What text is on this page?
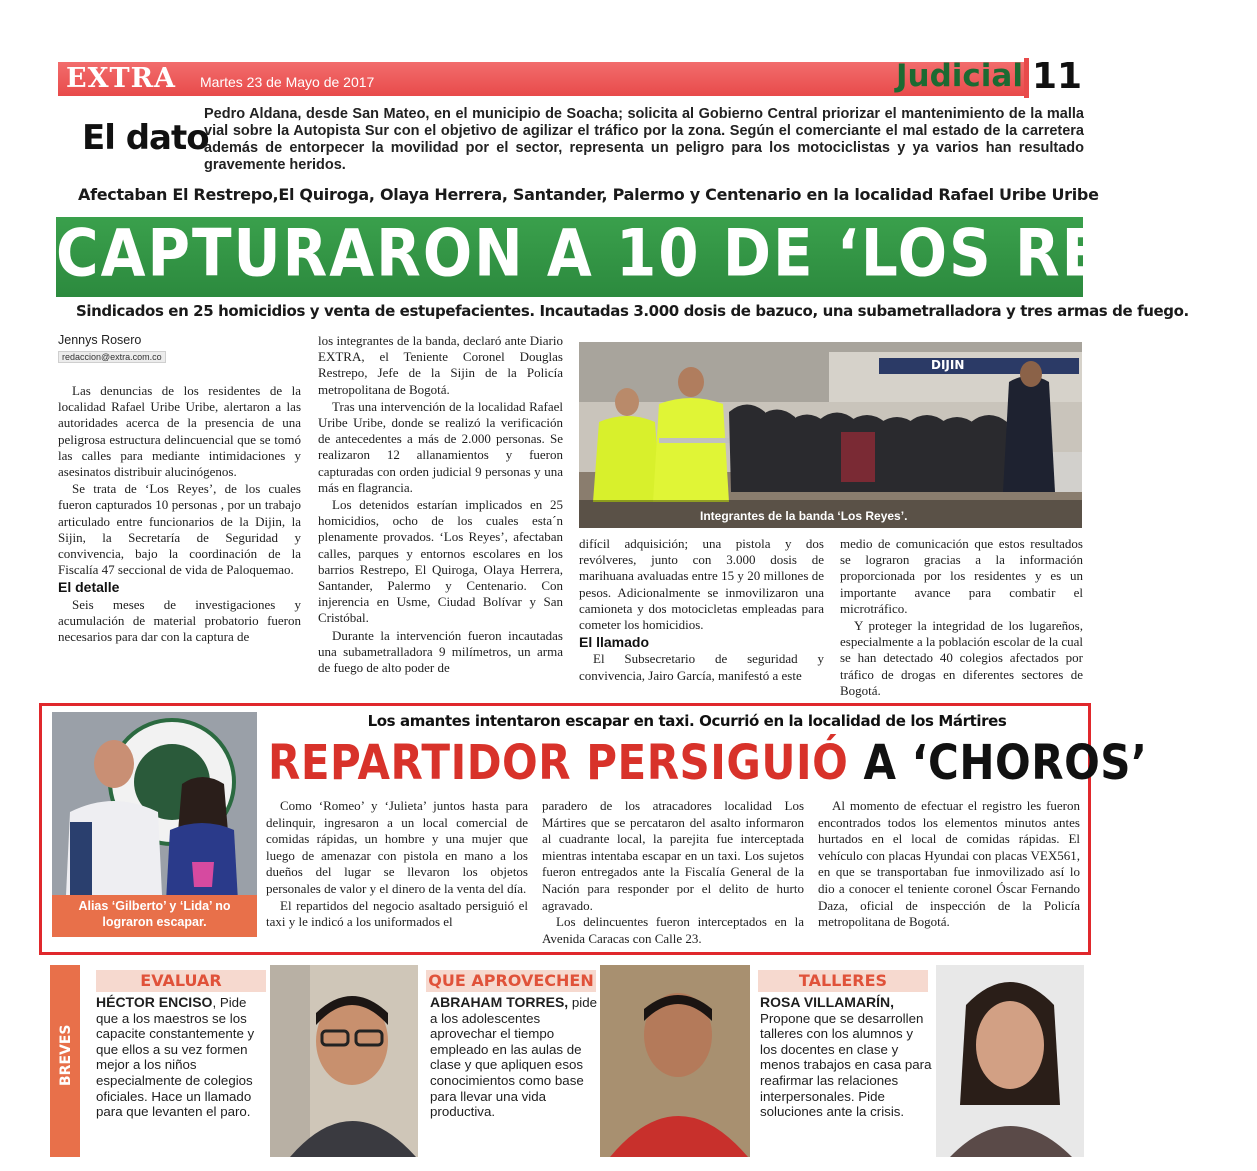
EXTRA Martes 23 de Mayo de 2017	Judicial 11
El dato
Pedro Aldana, desde San Mateo, en el municipio de Soacha; solicita al Gobierno Central priorizar el mantenimiento de la malla vial sobre la Autopista Sur con el objetivo de agilizar el tráfico por la zona. Según el comerciante el mal estado de la carretera además de entorpecer la movilidad por el sector, representa un peligro para los motociclistas y ya varios han resultado gravemente heridos.
Afectaban El Restrepo,El Quiroga, Olaya Herrera, Santander, Palermo y Centenario en la localidad Rafael Uribe Uribe
CAPTURARON A 10 DE ‘LOS REYES’
Sindicados en 25 homicidios y venta de estupefacientes. Incautadas 3.000 dosis de bazuco, una subametralladora y tres armas de fuego.
Jennys Rosero
redaccion@extra.com.co

Las denuncias de los residentes de la localidad Rafael Uribe Uribe, alertaron a las autoridades acerca de la presencia de una peligrosa estructura delincuencial que se tomó las calles para mediante intimidaciones y asesinatos distribuir alucinógenos.

Se trata de ‘Los Reyes’, de los cuales fueron capturados 10 personas , por un trabajo articulado entre funcionarios de la Dijin, la Sijin, la Secretaría de Seguridad y convivencia, bajo la coordinación de la Fiscalía 47 seccional de vida de Paloquemao.

El detalle

Seis meses de investigaciones y acumulación de material probatorio fueron necesarios para dar con la captura de

los integrantes de la banda, declaró ante Diario EXTRA, el Teniente Coronel Douglas Restrepo, Jefe de la Sijin de la Policía metropolitana de Bogotá.

Tras una intervención de la localidad Rafael Uribe Uribe, donde se realizó la verificación de antecedentes a más de 2.000 personas. Se realizaron 12 allanamientos y fueron capturadas con orden judicial 9 personas y una más en flagrancia.

Los detenidos estarían implicados en 25 homicidios, ocho de los cuales esta´n plenamente provados. ‘Los Reyes’, afectaban calles, parques y entornos escolares en los barrios Restrepo, El Quiroga, Olaya Herrera, Santander, Palermo y Centenario. Con injerencia en Usme, Ciudad Bolívar y San Cristóbal.

Durante la intervención fueron incautadas una subametralladora 9 milímetros, un arma de fuego de alto poder de

DIJIN
Integrantes de la banda ‘Los Reyes’.

difícil adquisición; una pistola y dos revólveres, junto con 3.000 dosis de marihuana avaluadas entre 15 y 20 millones de pesos. Adicionalmente se inmovilizaron una camioneta y dos motocicletas empleadas para cometer los homicidios.

El llamado

El Subsecretario de seguridad y convivencia, Jairo García, manifestó a este

medio de comunicación que estos resultados se lograron gracias a la información proporcionada por los residentes y es un importante avance para combatir el microtráfico.

Y proteger la integridad de los lugareños, especialmente a la población escolar de la cual se han detectado 40 colegios afectados por tráfico de drogas en diferentes sectores de Bogotá.

Alias ‘Gilberto’ y ‘Lida’ no lograron escapar.
Los amantes intentaron escapar en taxi. Ocurrió en la localidad de los Mártires
REPARTIDOR PERSIGUIÓ A ‘CHOROS’

Como ‘Romeo’ y ‘Julieta’ juntos hasta para delinquir, ingresaron a un local comercial de comidas rápidas, un hombre y una mujer que luego de amenazar con pistola en mano a los dueños del lugar se llevaron los objetos personales de valor y el dinero de la venta del día.

El repartidos del negocio asaltado persiguió el taxi y le indicó a los uniformados el

paradero de los atracadores localidad Los Mártires que se percataron del asalto informaron al cuadrante local, la parejita fue interceptada mientras intentaba escapar en un taxi. Los sujetos fueron entregados ante la Fiscalía General de la Nación para responder por el delito de hurto agravado.

Los delincuentes fueron interceptados en la Avenida Caracas con Calle 23.

Al momento de efectuar el registro les fueron encontrados todos los elementos minutos antes hurtados en el local de comidas rápidas. El vehículo con placas Hyundai con placas VEX561, en que se transportaban fue inmovilizado así lo dio a conocer el teniente coronel Óscar Fernando Daza, oficial de inspección de la Policía metropolitana de Bogotá.

BREVES
EVALUAR
HÉCTOR ENCISO, Pide que a los maestros se los capacite constantemente y que ellos a su vez formen mejor a los niños especialmente de colegios oficiales. Hace un llamado para que levanten el paro.
QUE APROVECHEN
ABRAHAM TORRES, pide a los adolescentes aprovechar el tiempo empleado en las aulas de clase y que apliquen esos conocimientos como base para llevar una vida productiva.
TALLERES
ROSA VILLAMARÍN, Propone que se desarrollen talleres con los alumnos y los docentes en clase y menos trabajos en casa para reafirmar las relaciones interpersonales. Pide soluciones ante la crisis.
